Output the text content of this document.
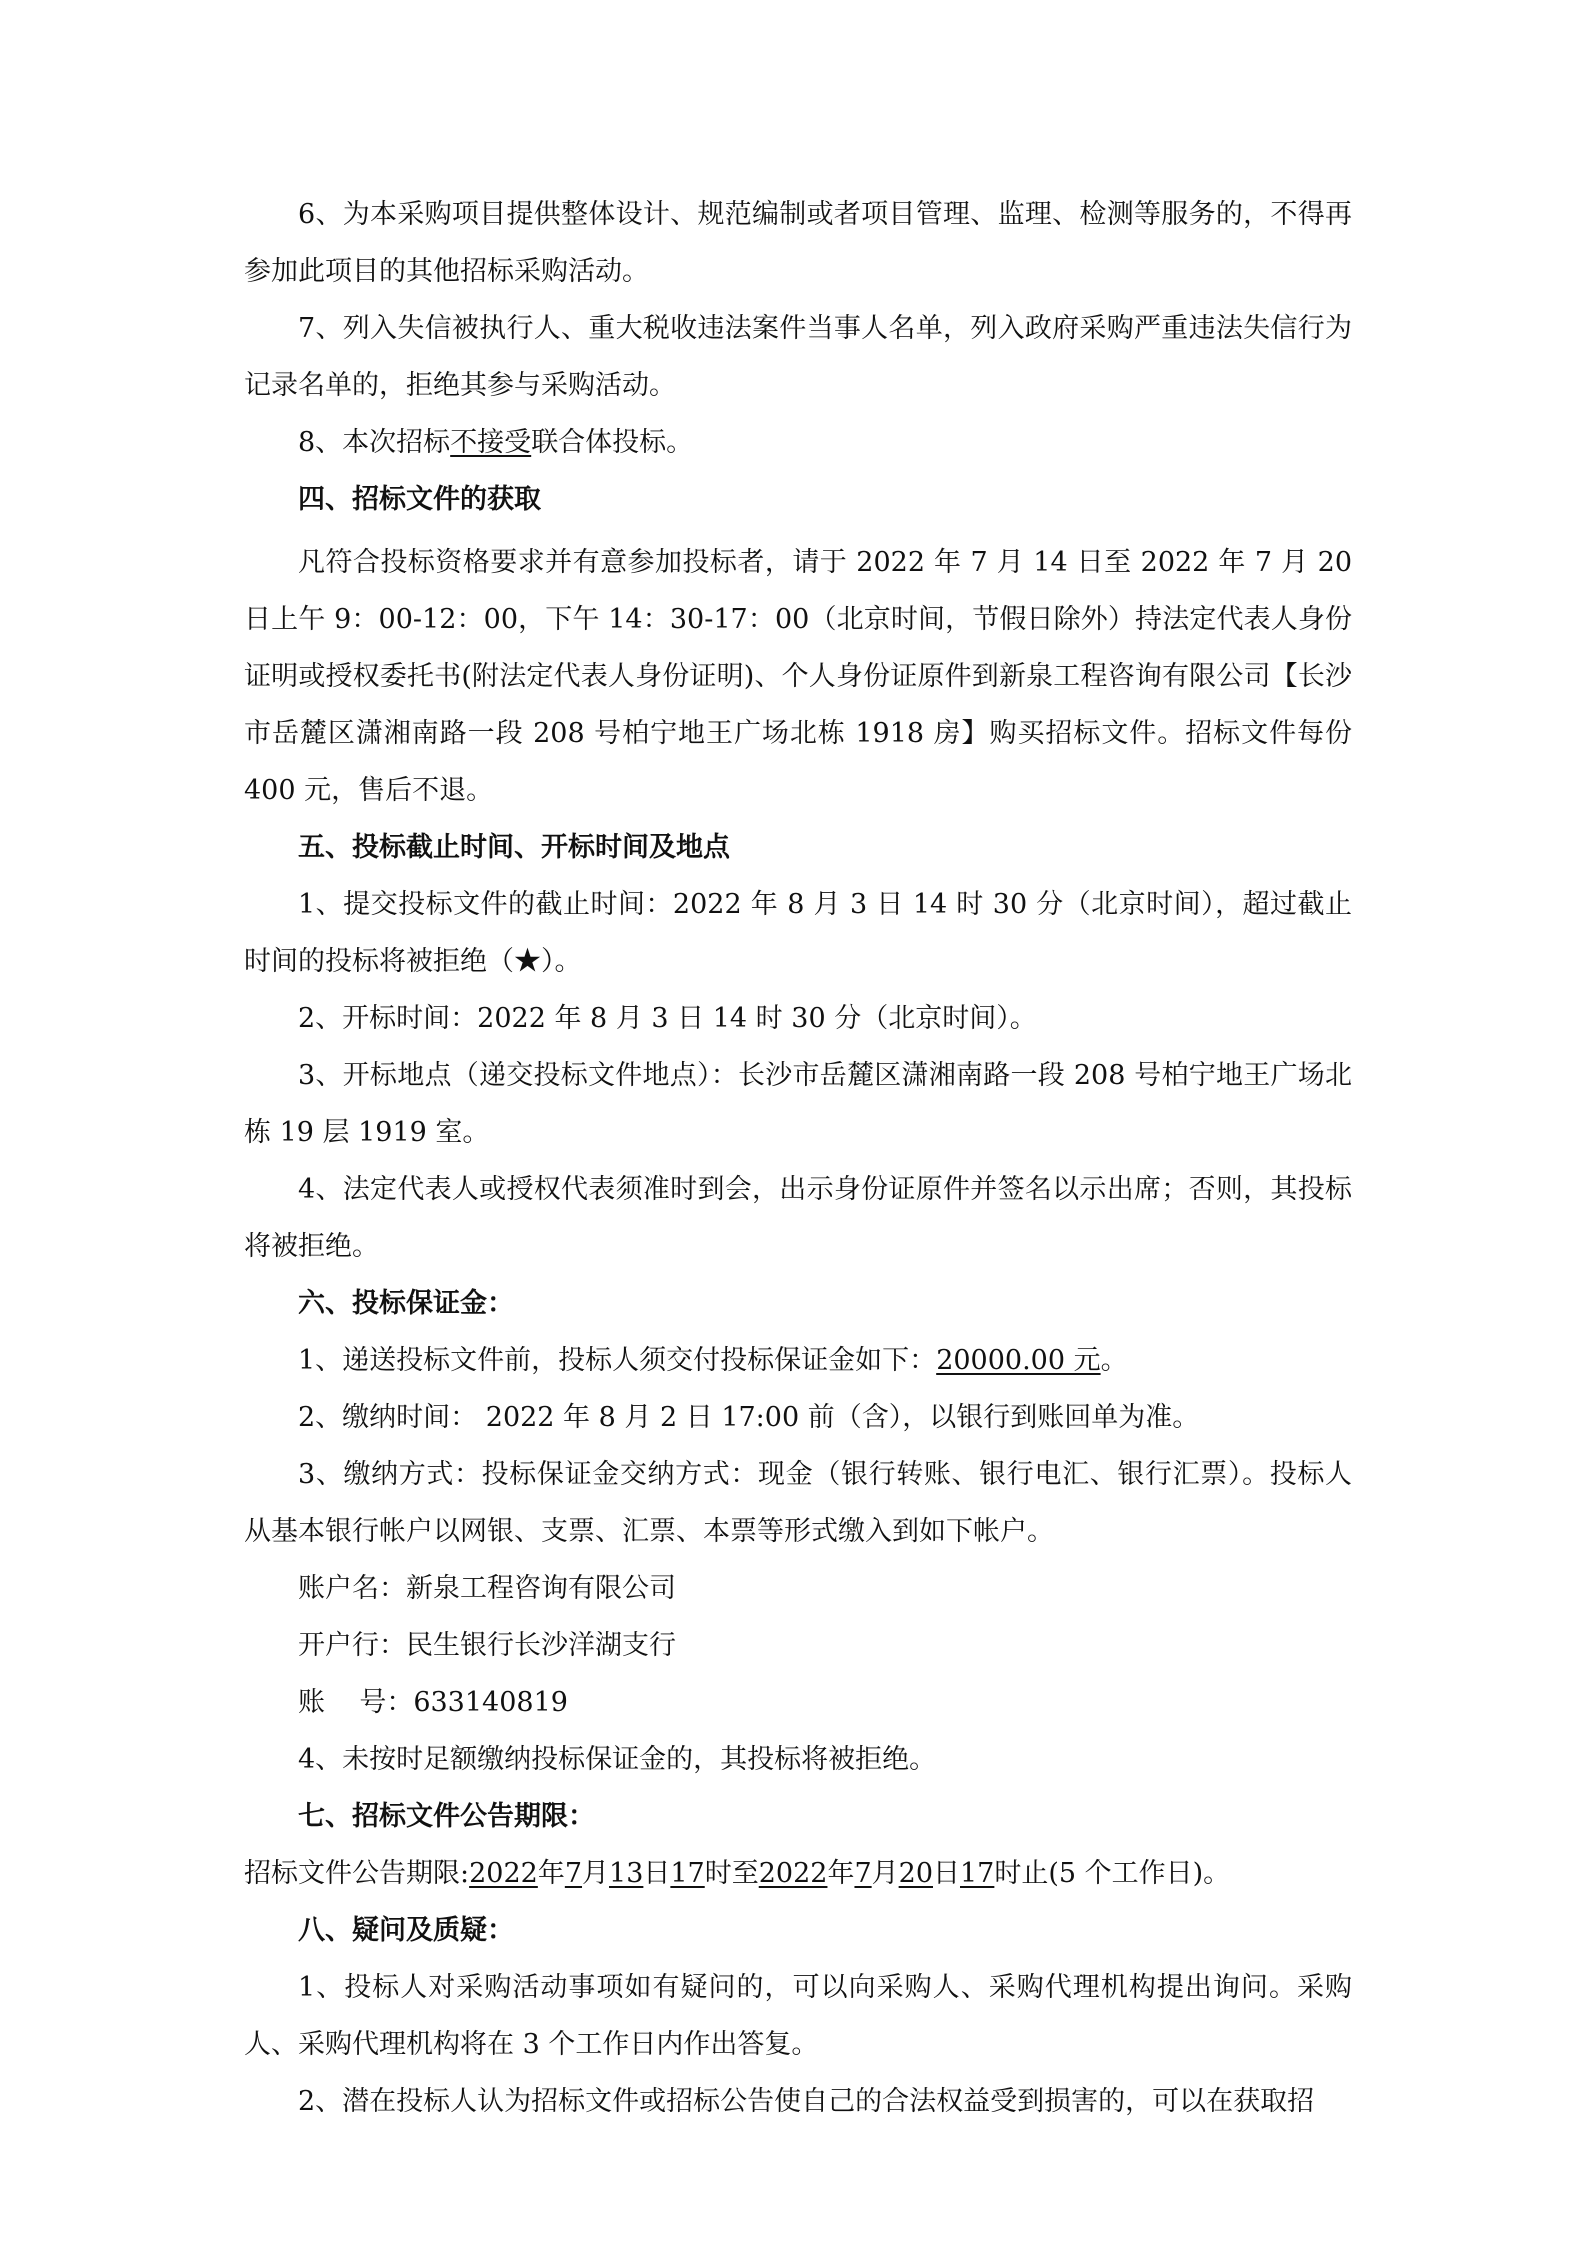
6、为本采购项目提供整体设计、规范编制或者项目管理、监理、检测等服务的，不得再参加此项目的其他招标采购活动。

7、列入失信被执行人、重大税收违法案件当事人名单，列入政府采购严重违法失信行为记录名单的，拒绝其参与采购活动。

8、本次招标不接受联合体投标。

四、招标文件的获取

凡符合投标资格要求并有意参加投标者，请于 2022 年 7 月 14 日至 2022 年 7 月 20 日上午 9：00-12：00，下午 14：30-17：00（北京时间，节假日除外）持法定代表人身份证明或授权委托书(附法定代表人身份证明)、个人身份证原件到新泉工程咨询有限公司【长沙市岳麓区潇湘南路一段 208 号柏宁地王广场北栋 1918 房】购买招标文件。招标文件每份 400 元，售后不退。

五、投标截止时间、开标时间及地点

1、提交投标文件的截止时间：2022 年 8 月 3 日 14 时 30 分（北京时间），超过截止时间的投标将被拒绝（★）。

2、开标时间：2022 年 8 月 3 日 14 时 30 分（北京时间）。

3、开标地点（递交投标文件地点）：长沙市岳麓区潇湘南路一段 208 号柏宁地王广场北栋 19 层 1919 室。

4、法定代表人或授权代表须准时到会，出示身份证原件并签名以示出席；否则，其投标将被拒绝。

六、投标保证金：

1、递送投标文件前，投标人须交付投标保证金如下：20000.00 元。

2、缴纳时间： 2022 年 8 月 2 日 17:00 前（含），以银行到账回单为准。

3、缴纳方式：投标保证金交纳方式：现金（银行转账、银行电汇、银行汇票）。投标人从基本银行帐户以网银、支票、汇票、本票等形式缴入到如下帐户。

账户名：新泉工程咨询有限公司

开户行：民生银行长沙洋湖支行

账    号：633140819

4、未按时足额缴纳投标保证金的，其投标将被拒绝。

七、招标文件公告期限：

招标文件公告期限:2022年7月13日17时至2022年7月20日17时止(5 个工作日)。

八、疑问及质疑：

1、投标人对采购活动事项如有疑问的，可以向采购人、采购代理机构提出询问。采购人、采购代理机构将在 3 个工作日内作出答复。

2、潜在投标人认为招标文件或招标公告使自己的合法权益受到损害的，可以在获取招
